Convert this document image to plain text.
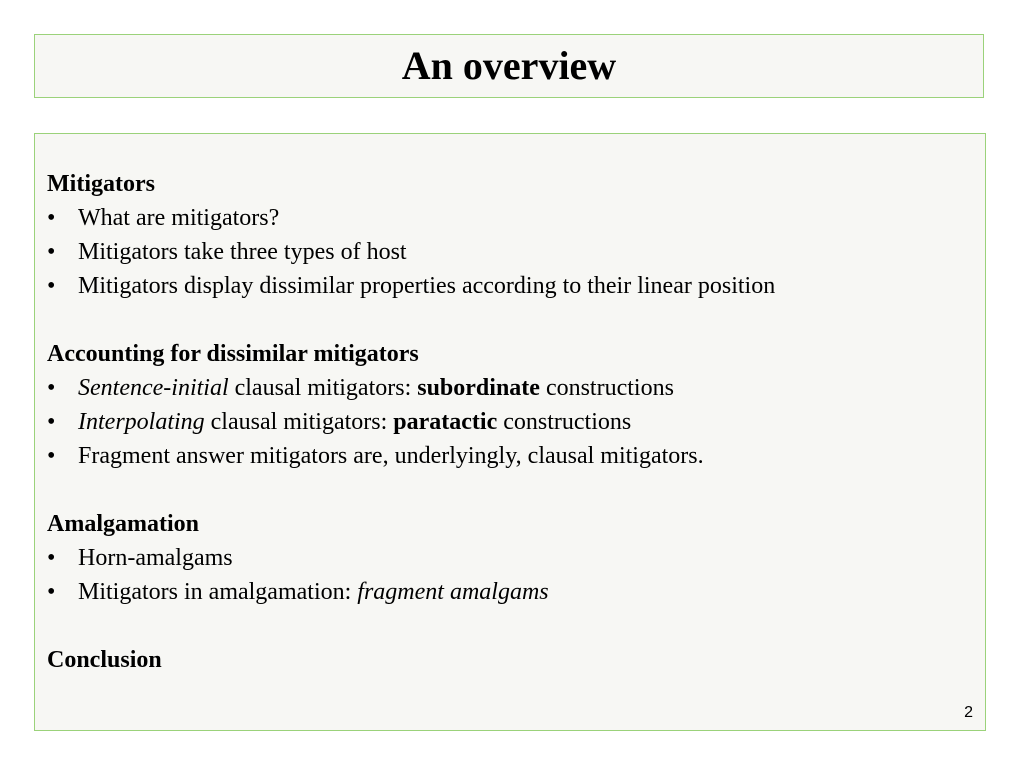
An overview
Mitigators
• What are mitigators?
• Mitigators take three types of host
• Mitigators display dissimilar properties according to their linear position
Accounting for dissimilar mitigators
• Sentence-initial clausal mitigators: subordinate constructions
• Interpolating clausal mitigators: paratactic constructions
• Fragment answer mitigators are, underlyingly, clausal mitigators.
Amalgamation
• Horn-amalgams
• Mitigators in amalgamation: fragment amalgams
Conclusion
2
